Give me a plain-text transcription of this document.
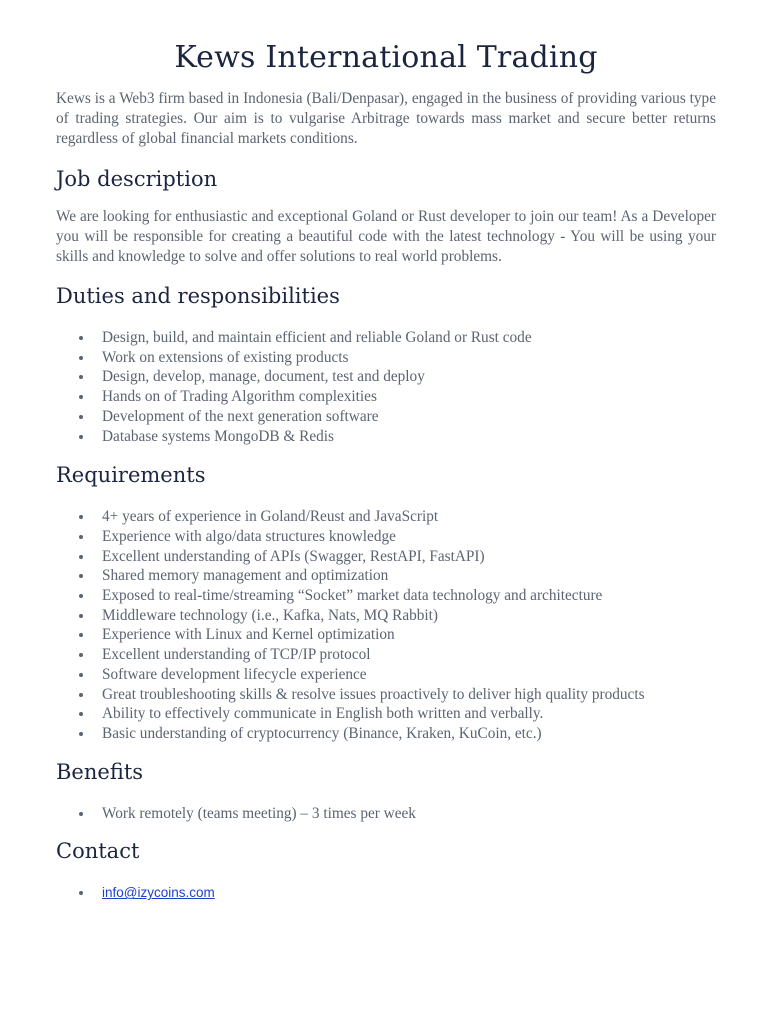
Kews International Trading

Kews is a Web3 firm based in Indonesia (Bali/Denpasar), engaged in the business of providing various type of trading strategies. Our aim is to vulgarise Arbitrage towards mass market and secure better returns regardless of global financial markets conditions.

Job description

We are looking for enthusiastic and exceptional Goland or Rust developer to join our team! As a Developer you will be responsible for creating a beautiful code with the latest technology - You will be using your skills and knowledge to solve and offer solutions to real world problems.

Duties and responsibilities
Design, build, and maintain efficient and reliable Goland or Rust code
Work on extensions of existing products
Design, develop, manage, document, test and deploy
Hands on of Trading Algorithm complexities
Development of the next generation software
Database systems MongoDB & Redis
Requirements
4+ years of experience in Goland/Reust and JavaScript
Experience with algo/data structures knowledge
Excellent understanding of APIs (Swagger, RestAPI, FastAPI)
Shared memory management and optimization
Exposed to real-time/streaming “Socket” market data technology and architecture
Middleware technology (i.e., Kafka, Nats, MQ Rabbit)
Experience with Linux and Kernel optimization
Excellent understanding of TCP/IP protocol
Software development lifecycle experience
Great troubleshooting skills & resolve issues proactively to deliver high quality products
Ability to effectively communicate in English both written and verbally.
Basic understanding of cryptocurrency (Binance, Kraken, KuCoin, etc.)
Benefits
Work remotely (teams meeting) – 3 times per week
Contact
info@izycoins.com
